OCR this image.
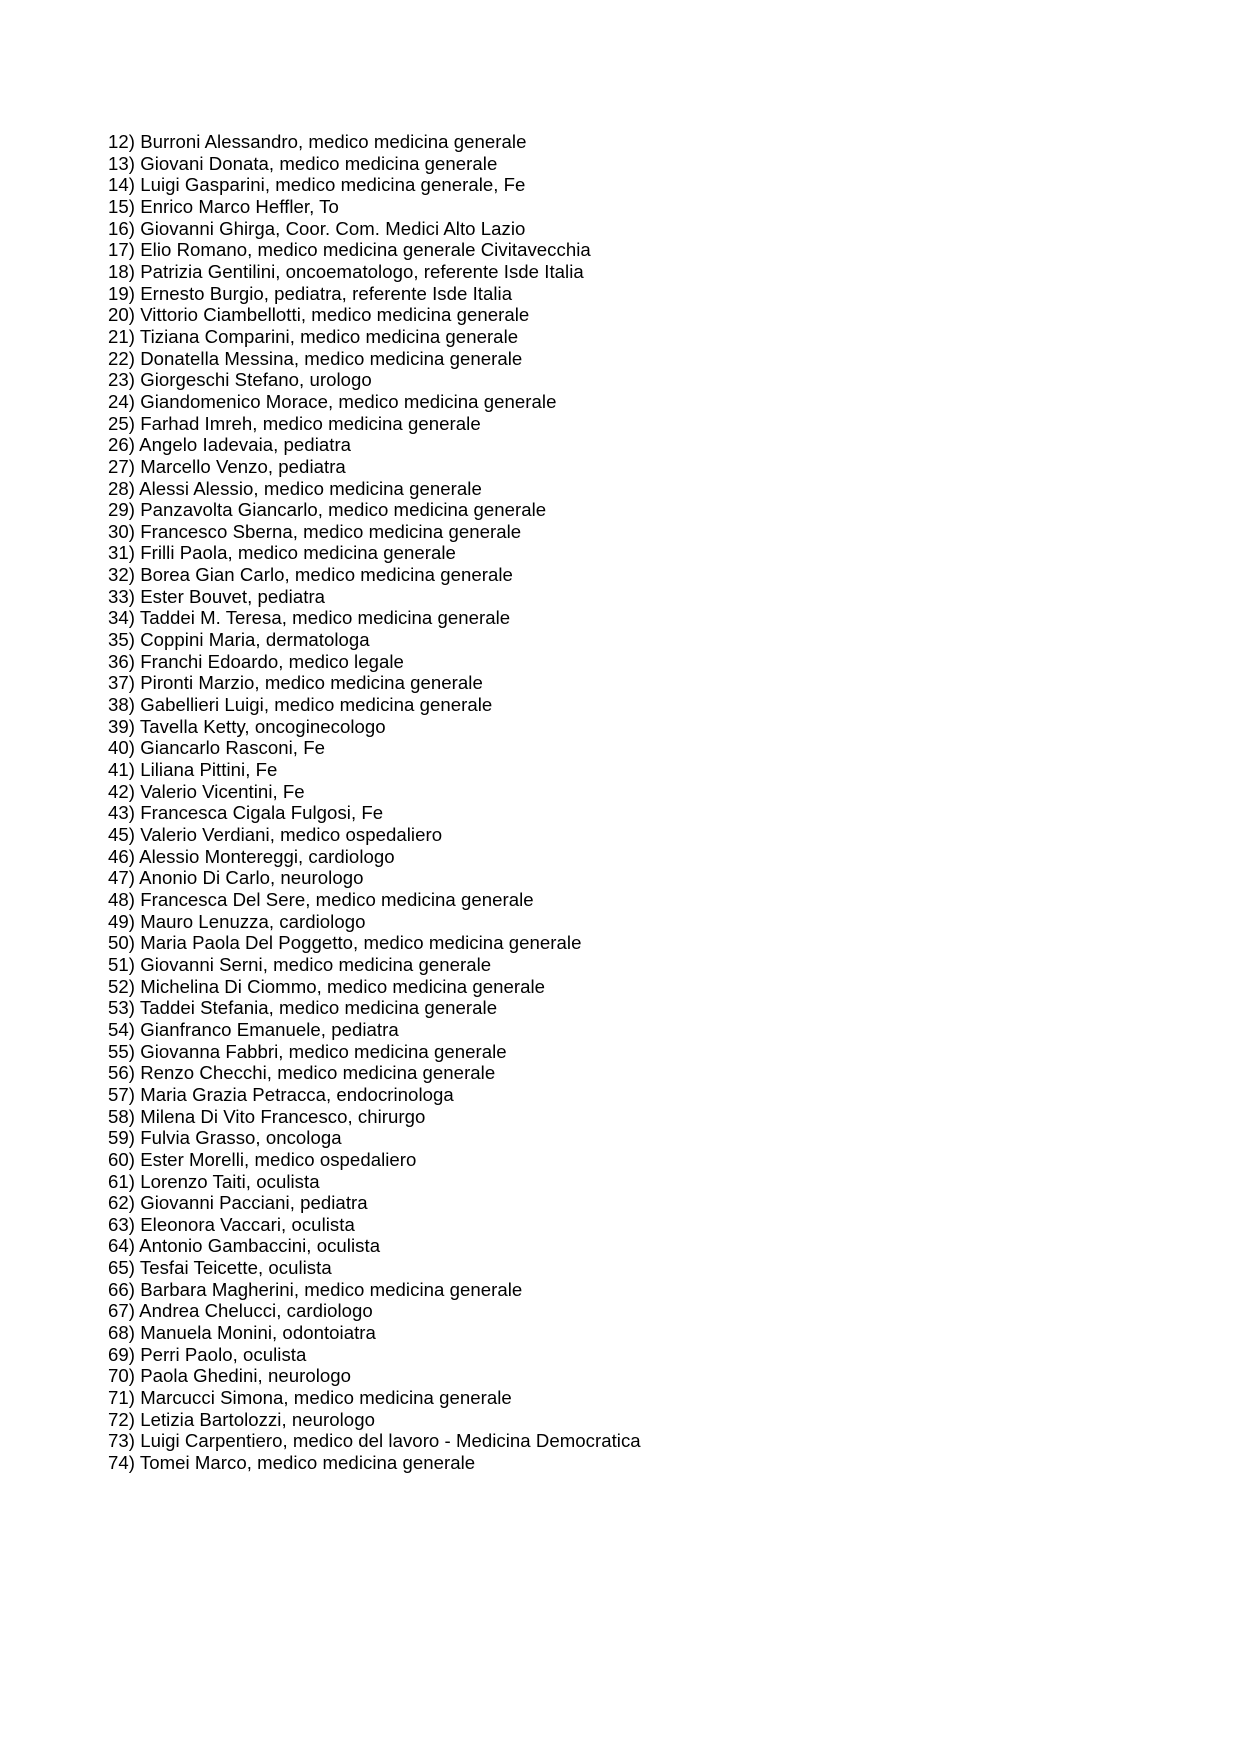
12) Burroni Alessandro, medico medicina generale
13) Giovani Donata, medico medicina generale
14) Luigi Gasparini, medico medicina generale, Fe
15) Enrico Marco Heffler, To
16) Giovanni Ghirga, Coor. Com. Medici Alto Lazio
17) Elio Romano, medico medicina generale Civitavecchia
18) Patrizia Gentilini, oncoematologo, referente Isde Italia
19) Ernesto Burgio, pediatra, referente Isde Italia
20) Vittorio Ciambellotti, medico medicina generale
21) Tiziana Comparini, medico medicina generale
22) Donatella Messina, medico medicina generale
23) Giorgeschi Stefano, urologo
24) Giandomenico Morace, medico medicina generale
25) Farhad Imreh, medico medicina generale
26) Angelo Iadevaia, pediatra
27) Marcello Venzo, pediatra
28) Alessi Alessio, medico medicina generale
29) Panzavolta Giancarlo, medico medicina generale
30) Francesco Sberna, medico medicina generale
31) Frilli Paola, medico medicina generale
32) Borea Gian Carlo, medico medicina generale
33) Ester Bouvet, pediatra
34) Taddei M. Teresa, medico medicina generale
35) Coppini Maria, dermatologa
36) Franchi Edoardo, medico legale
37) Pironti Marzio, medico medicina generale
38) Gabellieri Luigi, medico medicina generale
39) Tavella Ketty, oncoginecologo
40) Giancarlo Rasconi, Fe
41) Liliana Pittini, Fe
42) Valerio Vicentini, Fe
43) Francesca Cigala Fulgosi, Fe
45) Valerio Verdiani, medico ospedaliero
46) Alessio Montereggi, cardiologo
47) Anonio Di Carlo, neurologo
48) Francesca Del Sere, medico medicina generale
49) Mauro Lenuzza, cardiologo
50) Maria Paola Del Poggetto, medico medicina generale
51) Giovanni Serni, medico medicina generale
52) Michelina Di Ciommo, medico medicina generale
53) Taddei Stefania, medico medicina generale
54) Gianfranco Emanuele, pediatra
55) Giovanna Fabbri, medico medicina generale
56) Renzo Checchi, medico medicina generale
57) Maria Grazia Petracca, endocrinologa
58) Milena Di Vito Francesco, chirurgo
59) Fulvia Grasso, oncologa
60) Ester Morelli, medico ospedaliero
61) Lorenzo Taiti, oculista
62) Giovanni Pacciani, pediatra
63) Eleonora Vaccari, oculista
64) Antonio Gambaccini, oculista
65) Tesfai Teicette, oculista
66) Barbara Magherini, medico medicina generale
67) Andrea Chelucci, cardiologo
68) Manuela Monini, odontoiatra
69) Perri Paolo, oculista
70) Paola Ghedini, neurologo
71) Marcucci Simona, medico medicina generale
72) Letizia Bartolozzi, neurologo
73) Luigi Carpentiero, medico del lavoro - Medicina Democratica
74) Tomei Marco, medico medicina generale
